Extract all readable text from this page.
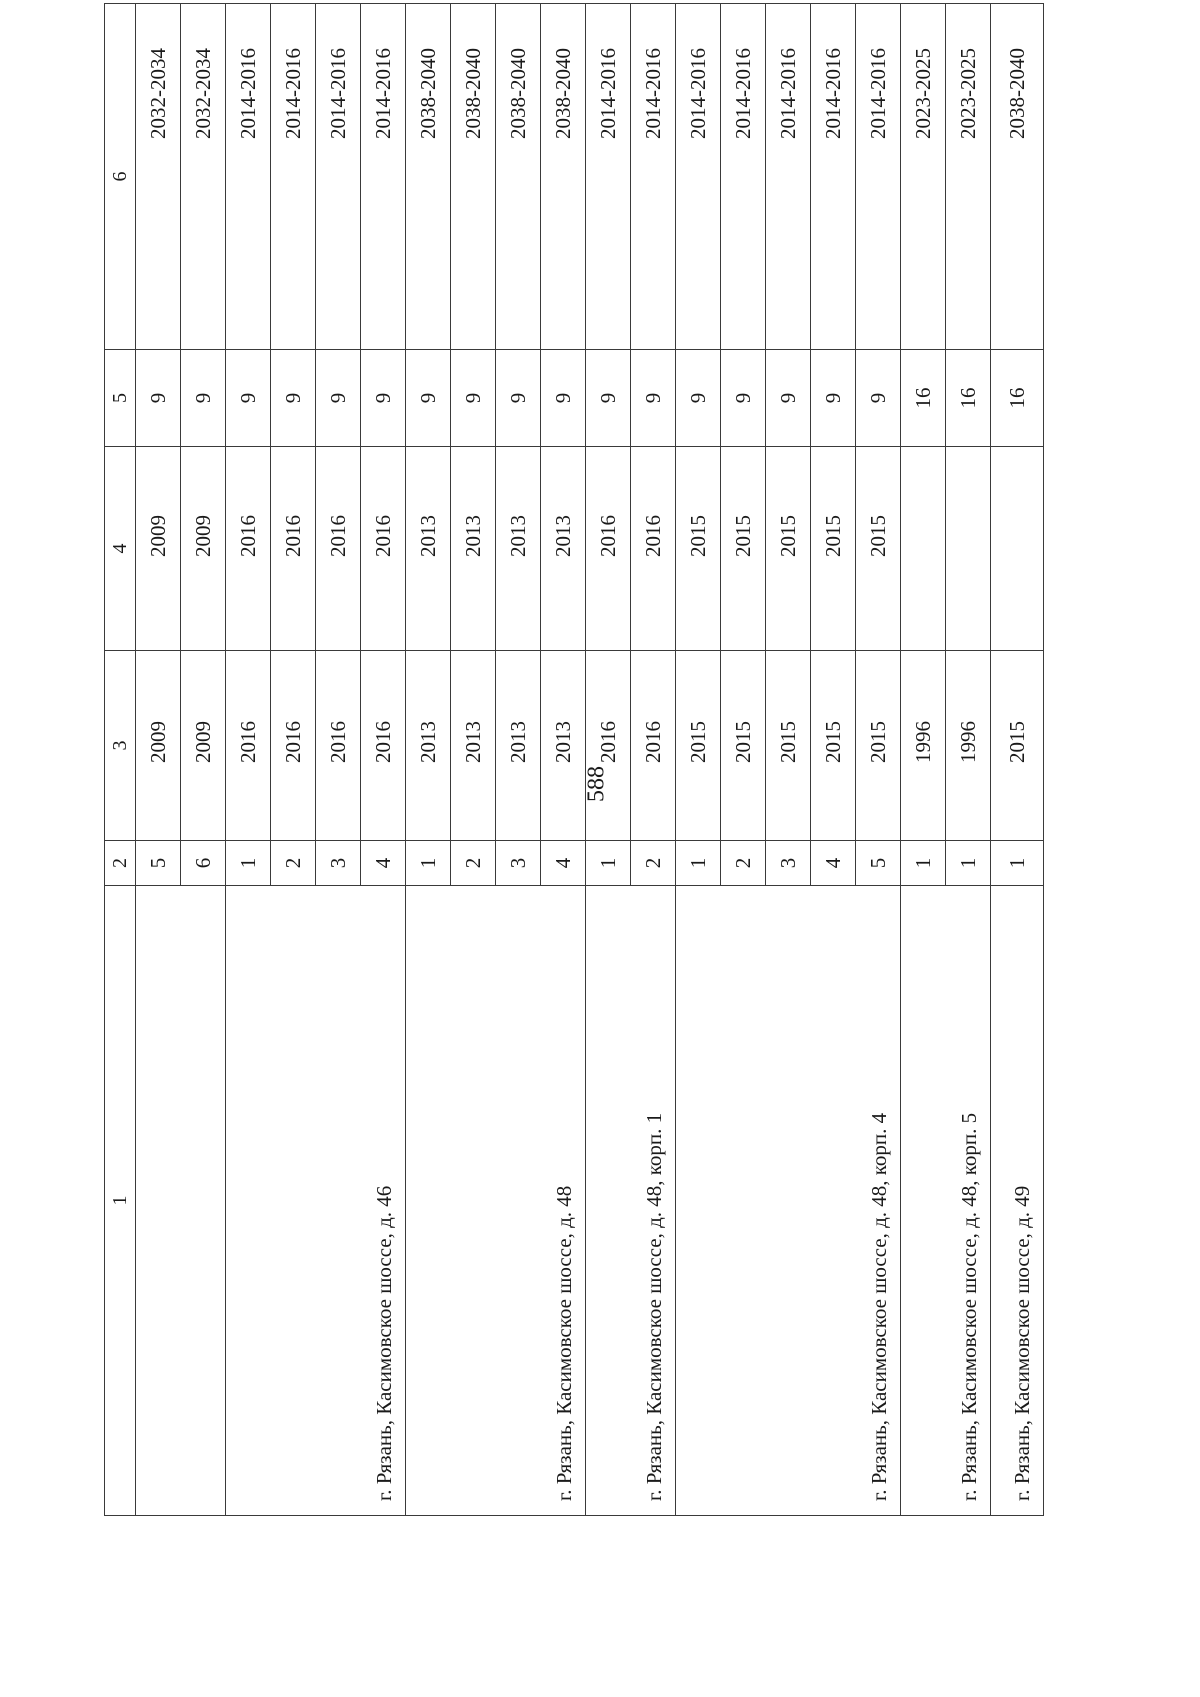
588
1	2	3	4	5	6
	5	2009	2009	9	2032-2034
	6	2009	2009	9	2032-2034
г. Рязань, Касимовское шоссе, д. 46	1	2016	2016	9	2014-2016
	2	2016	2016	9	2014-2016
	3	2016	2016	9	2014-2016
	4	2016	2016	9	2014-2016
г. Рязань, Касимовское шоссе, д. 48	1	2013	2013	9	2038-2040
	2	2013	2013	9	2038-2040
	3	2013	2013	9	2038-2040
	4	2013	2013	9	2038-2040
г. Рязань, Касимовское шоссе, д. 48, корп. 1	1	2016	2016	9	2014-2016
	2	2016	2016	9	2014-2016
г. Рязань, Касимовское шоссе, д. 48, корп. 4	1	2015	2015	9	2014-2016
	2	2015	2015	9	2014-2016
	3	2015	2015	9	2014-2016
	4	2015	2015	9	2014-2016
	5	2015	2015	9	2014-2016
г. Рязань, Касимовское шоссе, д. 48, корп. 5	1	1996		16	2023-2025
	1	1996		16	2023-2025
г. Рязань, Касимовское шоссе, д. 49	1	2015		16	2038-2040
